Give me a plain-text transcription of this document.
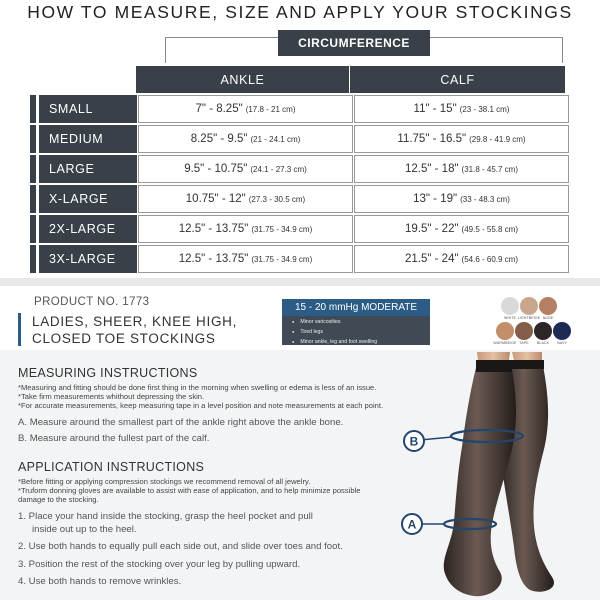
HOW TO MEASURE, SIZE AND APPLY YOUR STOCKINGS
CIRCUMFERENCE
ANKLE	CALF
SMALL	7" - 8.25" (17.8 - 21 cm)	11" - 15" (23 - 38.1 cm)
MEDIUM	8.25" - 9.5" (21 - 24.1 cm)	11.75" - 16.5" (29.8 - 41.9 cm)
LARGE	9.5" - 10.75" (24.1 - 27.3 cm)	12.5" - 18" (31.8 - 45.7 cm)
X-LARGE	10.75" - 12" (27.3 - 30.5 cm)	13" - 19" (33 - 48.3 cm)
2X-LARGE	12.5" - 13.75" (31.75 - 34.9 cm)	19.5" - 22" (49.5 - 55.8 cm)
3X-LARGE	12.5" - 13.75" (31.75 - 34.9 cm)	21.5" - 24" (54.6 - 60.9 cm)
PRODUCT NO. 1773
LADIES, SHEER, KNEE HIGH,
CLOSED TOE STOCKINGS
15 - 20 mmHg MODERATE
● Minor varicosities
● Tired legs
● Minor ankle, leg and foot swelling
WHITE LIGHTBEIGE NUDE
WARMBEIGE TAPE	BLACK	NAVY
MEASURING INSTRUCTIONS
*Measuring and fitting should be done first thing in the morning when swelling or edema is less of an issue.
*Take firm measurements whithout depressing the skin.
*For accurate measurements, keep measuring tape in a level position and note measurements at each point.
A. Measure around the smallest part of the ankle right above the ankle bone.
B. Measure around the fullest part of the calf.
APPLICATION INSTRUCTIONS
*Before fitting or applying compression stockings we recommend removal of all jewelry.
*Truform donning gloves are available to assist with ease of application, and to help minimize possible damage to the stocking.
1. Place your hand inside the stocking, grasp the heel pocket and pull
inside out up to the heel.
2. Use both hands to equally pull each side out, and slide over toes and foot.
3. Position the rest of the stocking over your leg by pulling upward.
4. Use both hands to remove wrinkles.
B
A
